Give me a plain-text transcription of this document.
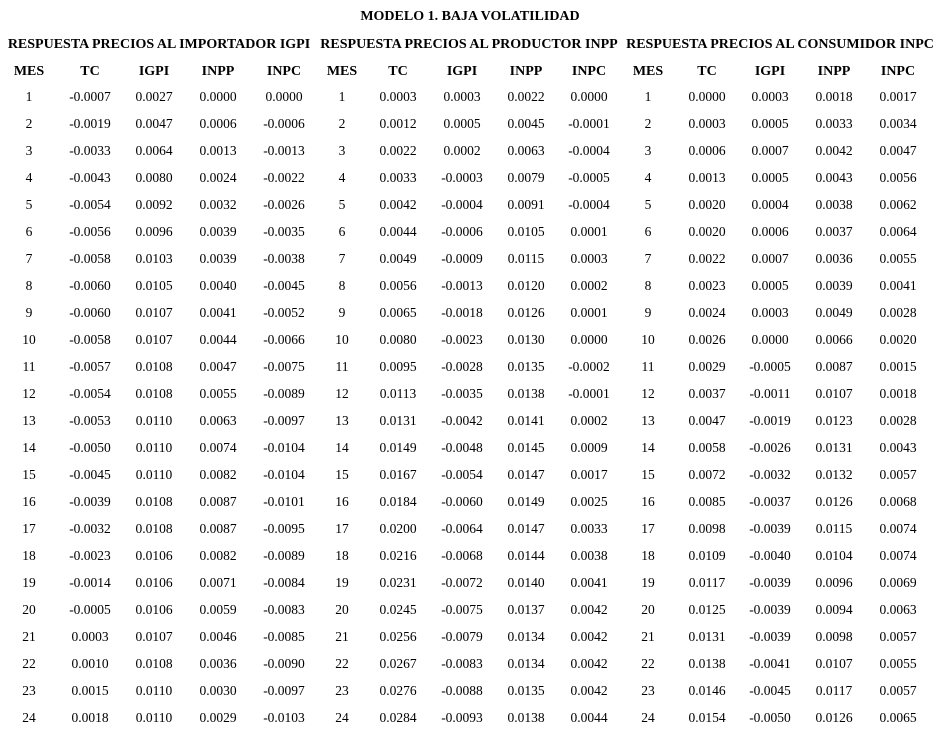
MODELO 1. BAJA VOLATILIDAD
RESPUESTA PRECIOS AL IMPORTADOR IGPI
MES	TC	IGPI	INPP	INPC
1	-0.0007	0.0027	0.0000	0.0000
2	-0.0019	0.0047	0.0006	-0.0006
3	-0.0033	0.0064	0.0013	-0.0013
4	-0.0043	0.0080	0.0024	-0.0022
5	-0.0054	0.0092	0.0032	-0.0026
6	-0.0056	0.0096	0.0039	-0.0035
7	-0.0058	0.0103	0.0039	-0.0038
8	-0.0060	0.0105	0.0040	-0.0045
9	-0.0060	0.0107	0.0041	-0.0052
10	-0.0058	0.0107	0.0044	-0.0066
11	-0.0057	0.0108	0.0047	-0.0075
12	-0.0054	0.0108	0.0055	-0.0089
13	-0.0053	0.0110	0.0063	-0.0097
14	-0.0050	0.0110	0.0074	-0.0104
15	-0.0045	0.0110	0.0082	-0.0104
16	-0.0039	0.0108	0.0087	-0.0101
17	-0.0032	0.0108	0.0087	-0.0095
18	-0.0023	0.0106	0.0082	-0.0089
19	-0.0014	0.0106	0.0071	-0.0084
20	-0.0005	0.0106	0.0059	-0.0083
21	0.0003	0.0107	0.0046	-0.0085
22	0.0010	0.0108	0.0036	-0.0090
23	0.0015	0.0110	0.0030	-0.0097
24	0.0018	0.0110	0.0029	-0.0103
RESPUESTA PRECIOS AL PRODUCTOR INPP
MES	TC	IGPI	INPP	INPC
1	0.0003	0.0003	0.0022	0.0000
2	0.0012	0.0005	0.0045	-0.0001
3	0.0022	0.0002	0.0063	-0.0004
4	0.0033	-0.0003	0.0079	-0.0005
5	0.0042	-0.0004	0.0091	-0.0004
6	0.0044	-0.0006	0.0105	0.0001
7	0.0049	-0.0009	0.0115	0.0003
8	0.0056	-0.0013	0.0120	0.0002
9	0.0065	-0.0018	0.0126	0.0001
10	0.0080	-0.0023	0.0130	0.0000
11	0.0095	-0.0028	0.0135	-0.0002
12	0.0113	-0.0035	0.0138	-0.0001
13	0.0131	-0.0042	0.0141	0.0002
14	0.0149	-0.0048	0.0145	0.0009
15	0.0167	-0.0054	0.0147	0.0017
16	0.0184	-0.0060	0.0149	0.0025
17	0.0200	-0.0064	0.0147	0.0033
18	0.0216	-0.0068	0.0144	0.0038
19	0.0231	-0.0072	0.0140	0.0041
20	0.0245	-0.0075	0.0137	0.0042
21	0.0256	-0.0079	0.0134	0.0042
22	0.0267	-0.0083	0.0134	0.0042
23	0.0276	-0.0088	0.0135	0.0042
24	0.0284	-0.0093	0.0138	0.0044
RESPUESTA PRECIOS AL CONSUMIDOR INPC
MES	TC	IGPI	INPP	INPC
1	0.0000	0.0003	0.0018	0.0017
2	0.0003	0.0005	0.0033	0.0034
3	0.0006	0.0007	0.0042	0.0047
4	0.0013	0.0005	0.0043	0.0056
5	0.0020	0.0004	0.0038	0.0062
6	0.0020	0.0006	0.0037	0.0064
7	0.0022	0.0007	0.0036	0.0055
8	0.0023	0.0005	0.0039	0.0041
9	0.0024	0.0003	0.0049	0.0028
10	0.0026	0.0000	0.0066	0.0020
11	0.0029	-0.0005	0.0087	0.0015
12	0.0037	-0.0011	0.0107	0.0018
13	0.0047	-0.0019	0.0123	0.0028
14	0.0058	-0.0026	0.0131	0.0043
15	0.0072	-0.0032	0.0132	0.0057
16	0.0085	-0.0037	0.0126	0.0068
17	0.0098	-0.0039	0.0115	0.0074
18	0.0109	-0.0040	0.0104	0.0074
19	0.0117	-0.0039	0.0096	0.0069
20	0.0125	-0.0039	0.0094	0.0063
21	0.0131	-0.0039	0.0098	0.0057
22	0.0138	-0.0041	0.0107	0.0055
23	0.0146	-0.0045	0.0117	0.0057
24	0.0154	-0.0050	0.0126	0.0065
